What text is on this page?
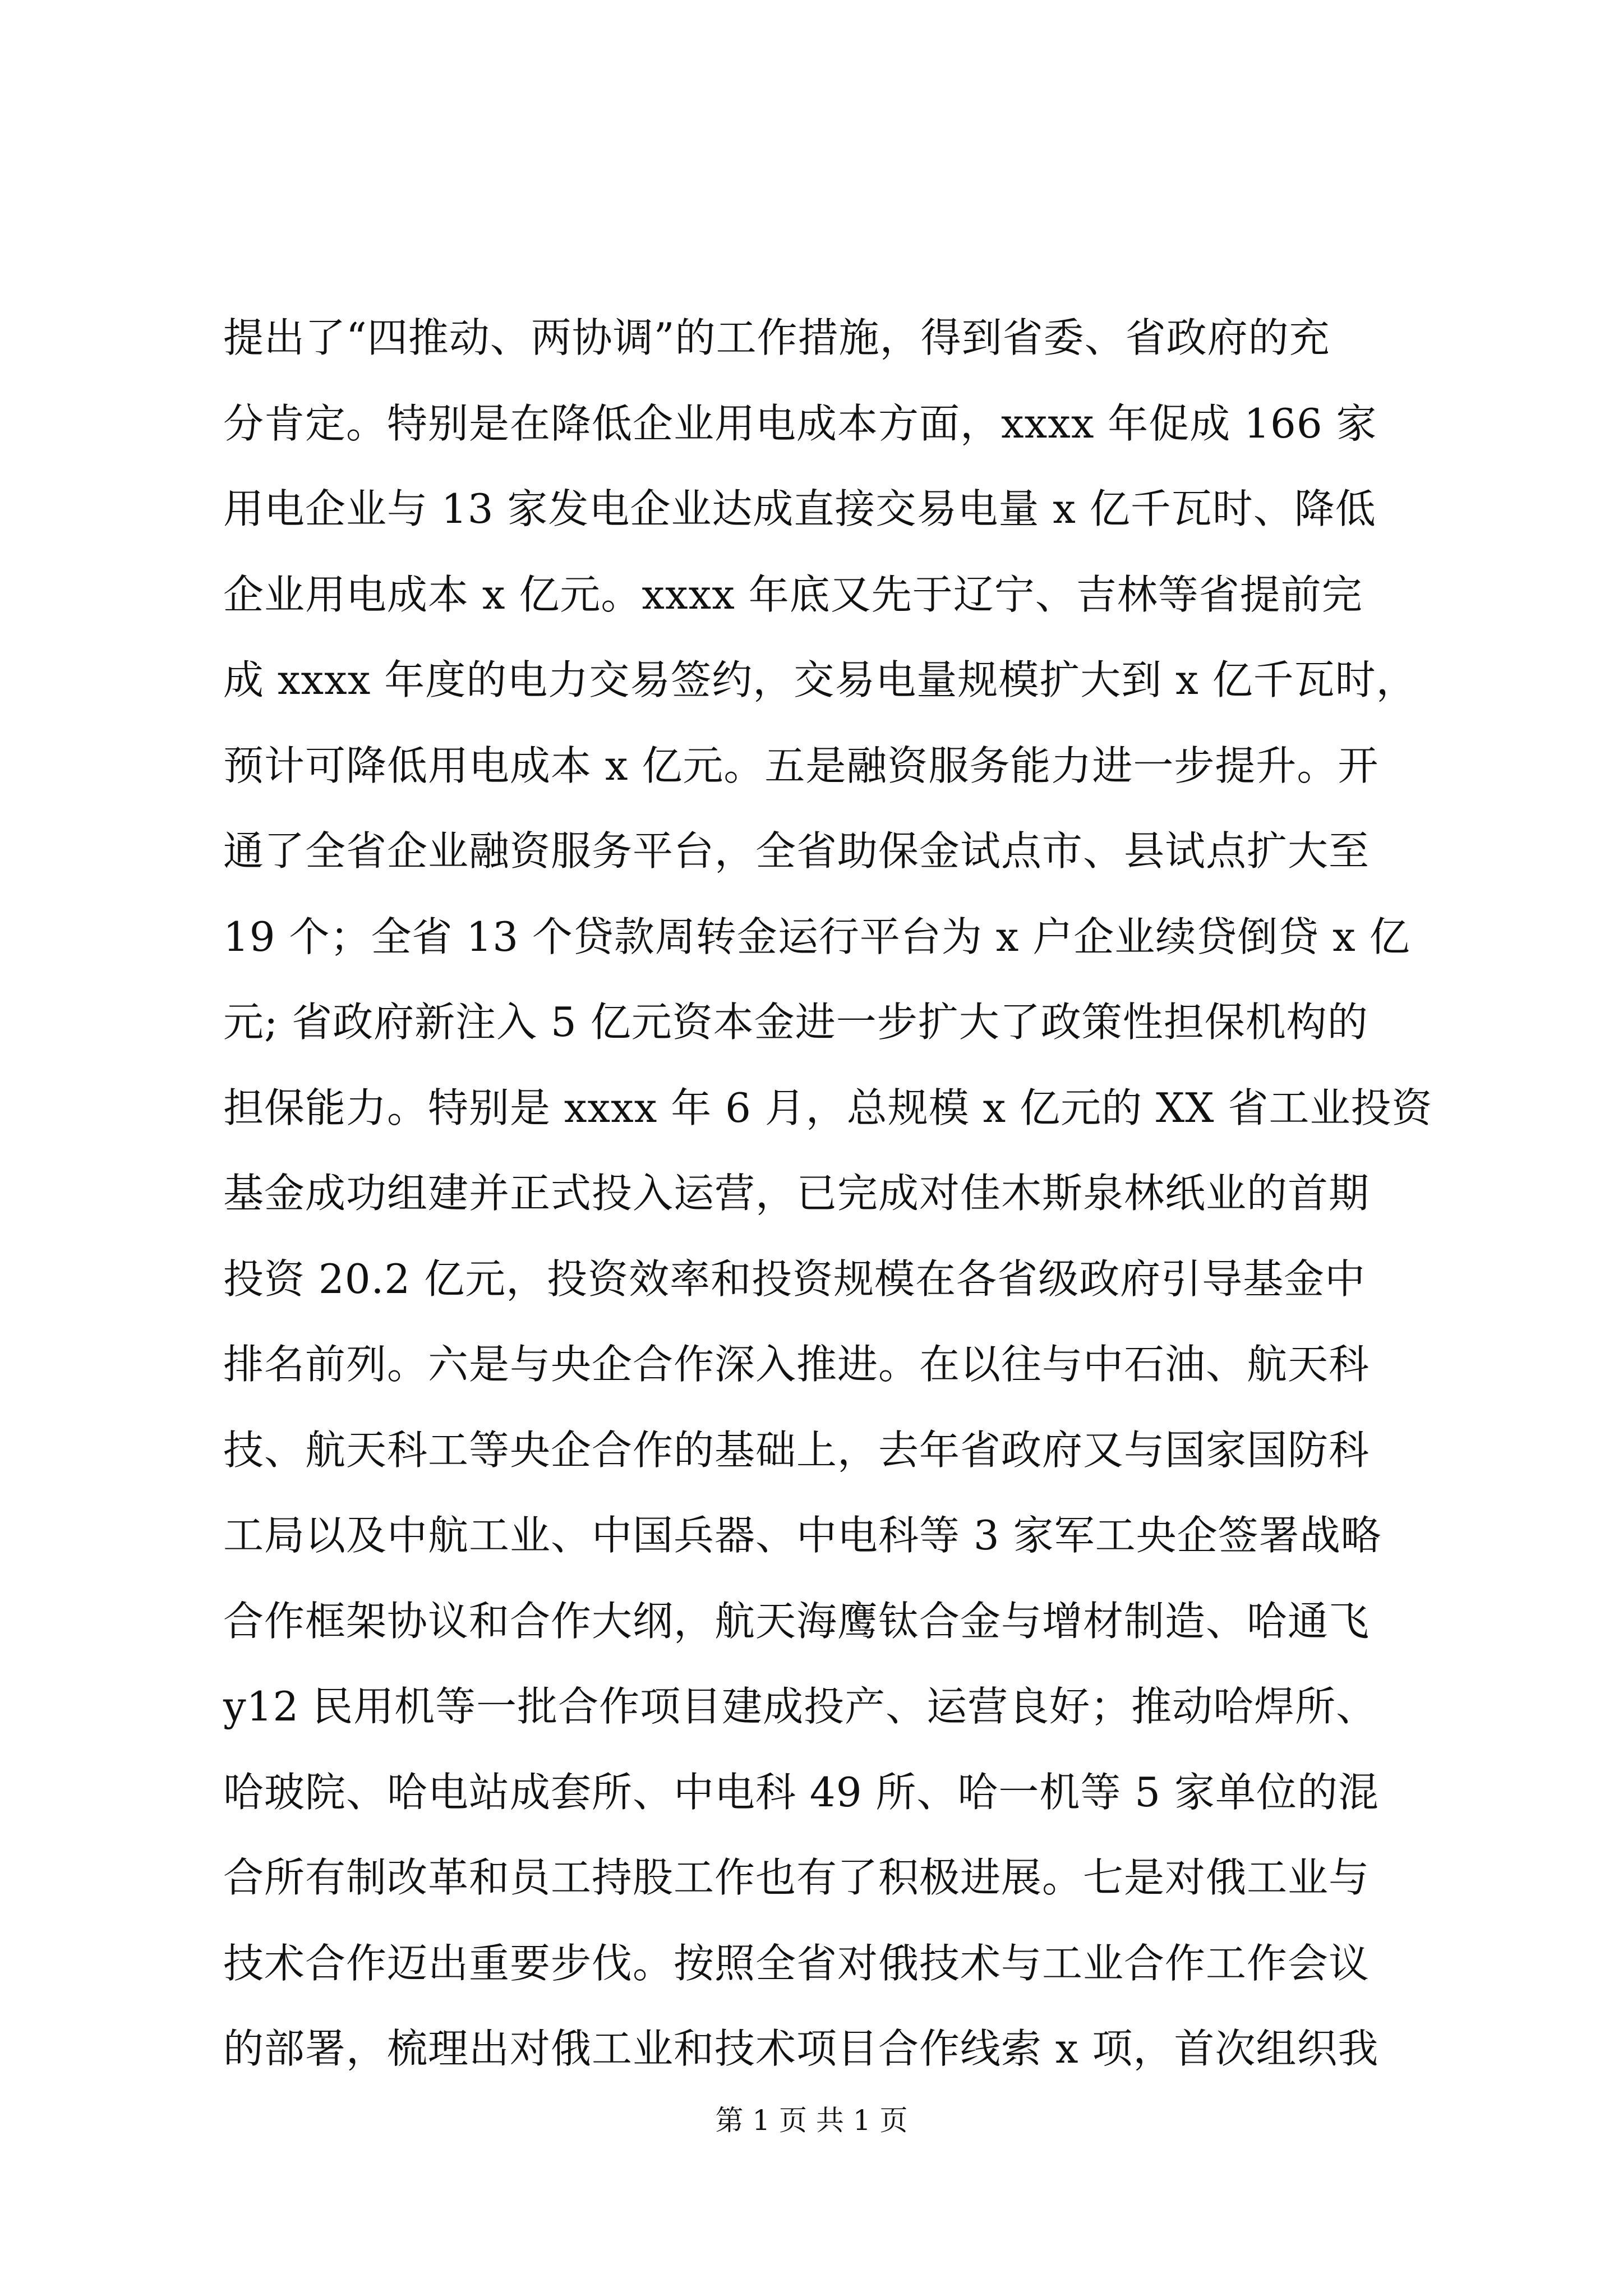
提出了“四推动、两协调”的工作措施，得到省委、省政府的充
分肯定。特别是在降低企业用电成本方面，xxxx 年促成 166 家
用电企业与 13 家发电企业达成直接交易电量 x 亿千瓦时、降低
企业用电成本 x 亿元。xxxx 年底又先于辽宁、吉林等省提前完
成 xxxx 年度的电力交易签约，交易电量规模扩大到 x 亿千瓦时，
预计可降低用电成本 x 亿元。五是融资服务能力进一步提升。开
通了全省企业融资服务平台，全省助保金试点市、县试点扩大至
19 个；全省 13 个贷款周转金运行平台为 x 户企业续贷倒贷 x 亿
元; 省政府新注入 5 亿元资本金进一步扩大了政策性担保机构的
担保能力。特别是 xxxx 年 6 月，总规模 x 亿元的 XX 省工业投资
基金成功组建并正式投入运营，已完成对佳木斯泉林纸业的首期
投资 20.2 亿元，投资效率和投资规模在各省级政府引导基金中
排名前列。六是与央企合作深入推进。在以往与中石油、航天科
技、航天科工等央企合作的基础上，去年省政府又与国家国防科
工局以及中航工业、中国兵器、中电科等 3 家军工央企签署战略
合作框架协议和合作大纲，航天海鹰钛合金与增材制造、哈通飞
y12 民用机等一批合作项目建成投产、运营良好；推动哈焊所、
哈玻院、哈电站成套所、中电科 49 所、哈一机等 5 家单位的混
合所有制改革和员工持股工作也有了积极进展。七是对俄工业与
技术合作迈出重要步伐。按照全省对俄技术与工业合作工作会议
的部署，梳理出对俄工业和技术项目合作线索 x 项，首次组织我
第 1 页 共 1 页
